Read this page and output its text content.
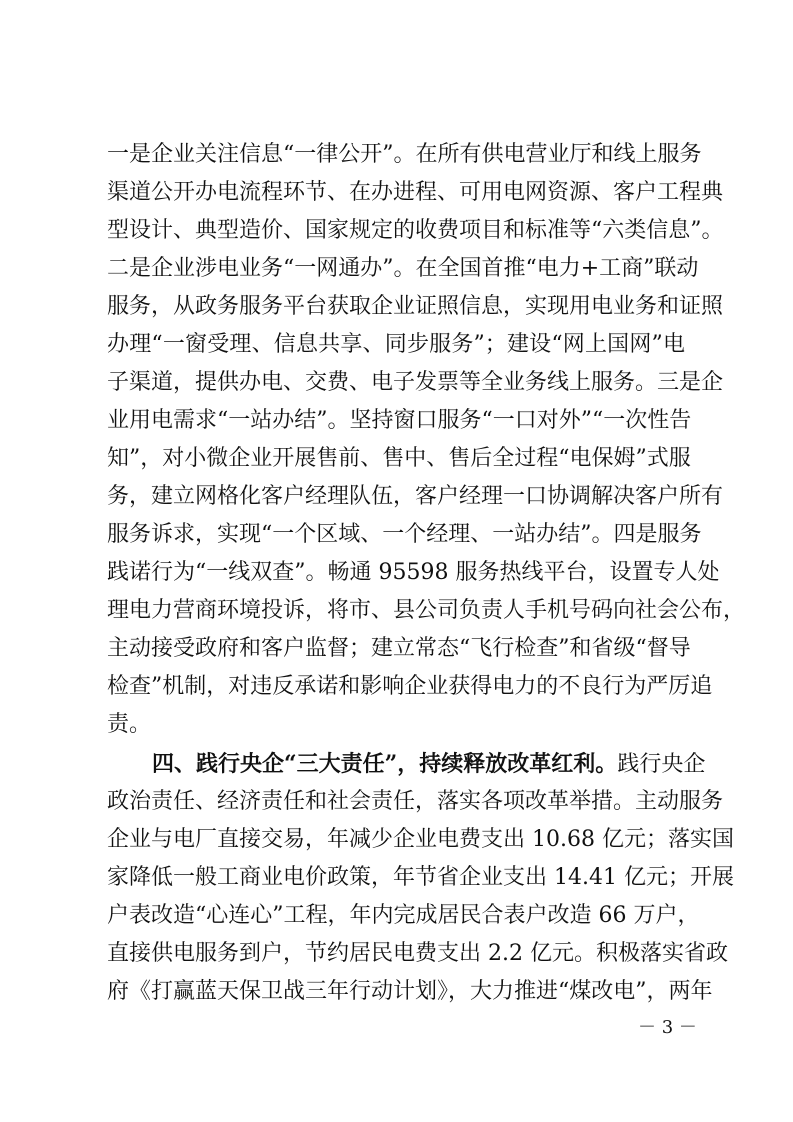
一是企业关注信息“一律公开”。在所有供电营业厅和线上服务
渠道公开办电流程环节、在办进程、可用电网资源、客户工程典
型设计、典型造价、国家规定的收费项目和标准等“六类信息”。
二是企业涉电业务“一网通办”。在全国首推“电力+工商”联动
服务，从政务服务平台获取企业证照信息，实现用电业务和证照
办理“一窗受理、信息共享、同步服务”；建设“网上国网”电
子渠道，提供办电、交费、电子发票等全业务线上服务。三是企
业用电需求“一站办结”。坚持窗口服务“一口对外”“一次性告
知”，对小微企业开展售前、售中、售后全过程“电保姆”式服
务，建立网格化客户经理队伍，客户经理一口协调解决客户所有
服务诉求，实现“一个区域、一个经理、一站办结”。四是服务
践诺行为“一线双查”。畅通 95598 服务热线平台，设置专人处
理电力营商环境投诉，将市、县公司负责人手机号码向社会公布，
主动接受政府和客户监督；建立常态“飞行检查”和省级“督导
检查”机制，对违反承诺和影响企业获得电力的不良行为严厉追
责。
四、践行央企“三大责任”，持续释放改革红利。践行央企
政治责任、经济责任和社会责任，落实各项改革举措。主动服务
企业与电厂直接交易，年减少企业电费支出 10.68 亿元；落实国
家降低一般工商业电价政策，年节省企业支出 14.41 亿元；开展
户表改造“心连心”工程，年内完成居民合表户改造 66 万户，
直接供电服务到户，节约居民电费支出 2.2 亿元。积极落实省政
府《打赢蓝天保卫战三年行动计划》，大力推进“煤改电”，两年
－ 3 －
